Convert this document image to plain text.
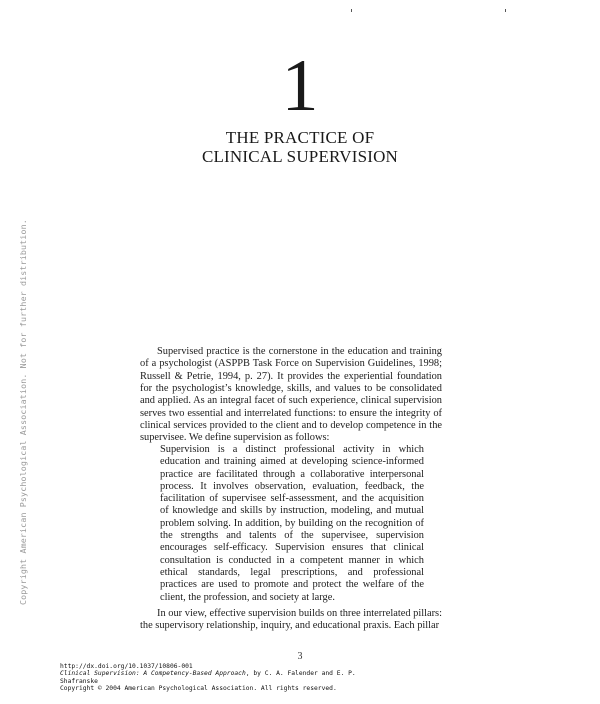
1
THE PRACTICE OF
CLINICAL SUPERVISION
Copyright American Psychological Association. Not for further distribution.	Supervised practice is the cornerstone in the education and training of a psychologist (ASPPB Task Force on Supervision Guidelines, 1998; Russell & Petrie, 1994, p. 27). It provides the experiential foundation for the psychologist’s knowledge, skills, and values to be consolidated and applied. As an integral facet of such experience, clinical supervision serves two essential and interrelated functions: to ensure the integrity of clinical services provided to the client and to develop competence in the supervisee. We define supervision as follows:

Supervision is a distinct professional activity in which education and training aimed at developing science-informed practice are facilitated through a collaborative interpersonal process. It involves observation, evaluation, feedback, the facilitation of supervisee self-assessment, and the acquisition of knowledge and skills by instruction, modeling, and mutual problem solving. In addition, by building on the recognition of the strengths and talents of the supervisee, supervision encourages self-efficacy. Supervision ensures that clinical consultation is conducted in a competent manner in which ethical standards, legal prescriptions, and professional practices are used to promote and protect the welfare of the client, the profession, and society at large.

In our view, effective supervision builds on three interrelated pillars: the supervisory relationship, inquiry, and educational praxis. Each pillar

3
http://dx.doi.org/10.1037/10806-001
Clinical Supervision: A Competency-Based Approach, by C. A. Falender and E. P.
Shafranske
Copyright © 2004 American Psychological Association. All rights reserved.
